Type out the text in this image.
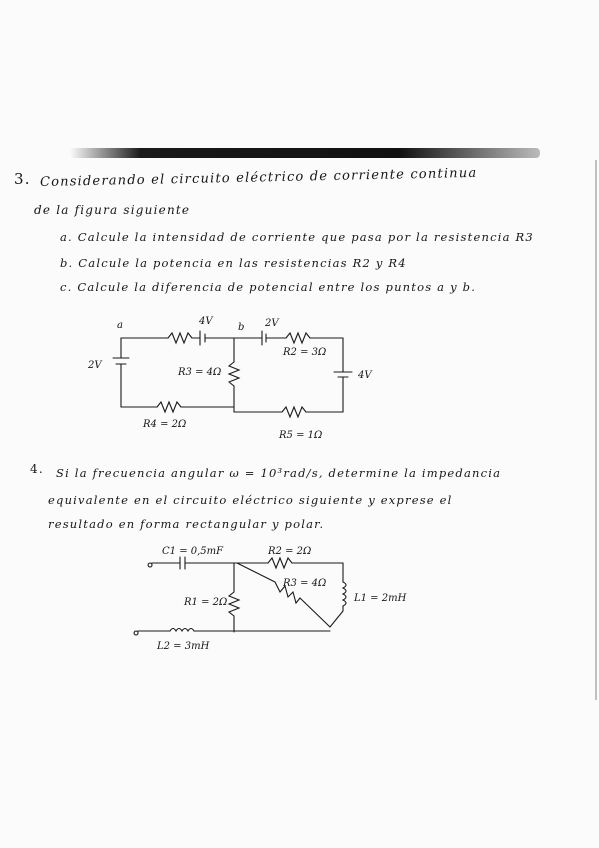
3. Considerando el circuito eléctrico de corriente continua
de la figura siguiente
a. Calcule la intensidad de corriente que pasa por la resistencia R3
b. Calcule la potencia en las resistencias R2 y R4
c. Calcule la diferencia de potencial entre los puntos a y b.
a	b
4V	2V
2V
4V
R2 = 3Ω
R3 = 4Ω
R4 = 2Ω
R5 = 1Ω
4. Si la frecuencia angular ω = 10³rad/s, determine la impedancia
equivalente en el circuito eléctrico siguiente y exprese el
resultado en forma rectangular y polar.
C1 = 0,5mF	R2 = 2Ω
R3 = 4Ω
R1 = 2Ω	L1 = 2mH
L2 = 3mH
